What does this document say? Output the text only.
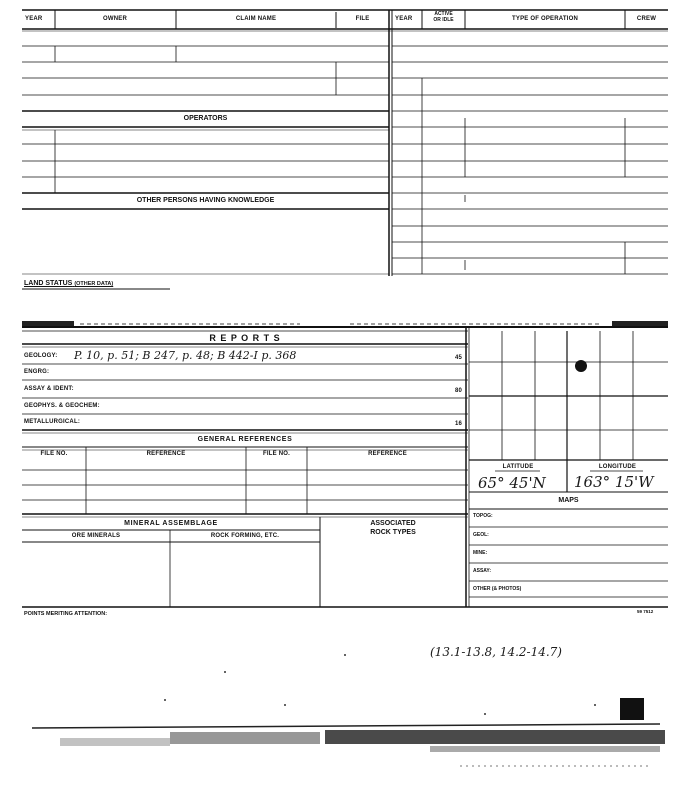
YEAR	OWNER	CLAIM NAME	FILE	YEAR
ACTIVE
OR IDLE	TYPE OF OPERATION	CREW
OPERATORS
OTHER PERSONS HAVING KNOWLEDGE
LAND STATUS (OTHER DATA)
R E P O R T S
GEOLOGY: P. 10, p. 51; B 247, p. 48; B 442-I p. 368	45
ENGRG:
ASSAY & IDENT:	80
GEOPHYS. & GEOCHEM:
METALLURGICAL:	16
GENERAL REFERENCES
FILE NO.	REFERENCE	FILE NO.	REFERENCE
LATITUDE	LONGITUDE
65° 45'N 163° 15'W
MAPS
TOPOG:
GEOL:
MINE:
ASSAY:
OTHER (& PHOTOS)
MINERAL ASSEMBLAGE
ORE MINERALS	ROCK FORMING, ETC.
ASSOCIATED
ROCK TYPES
POINTS MERITING ATTENTION:	59 7512
(13.1-13.8, 14.2-14.7)
